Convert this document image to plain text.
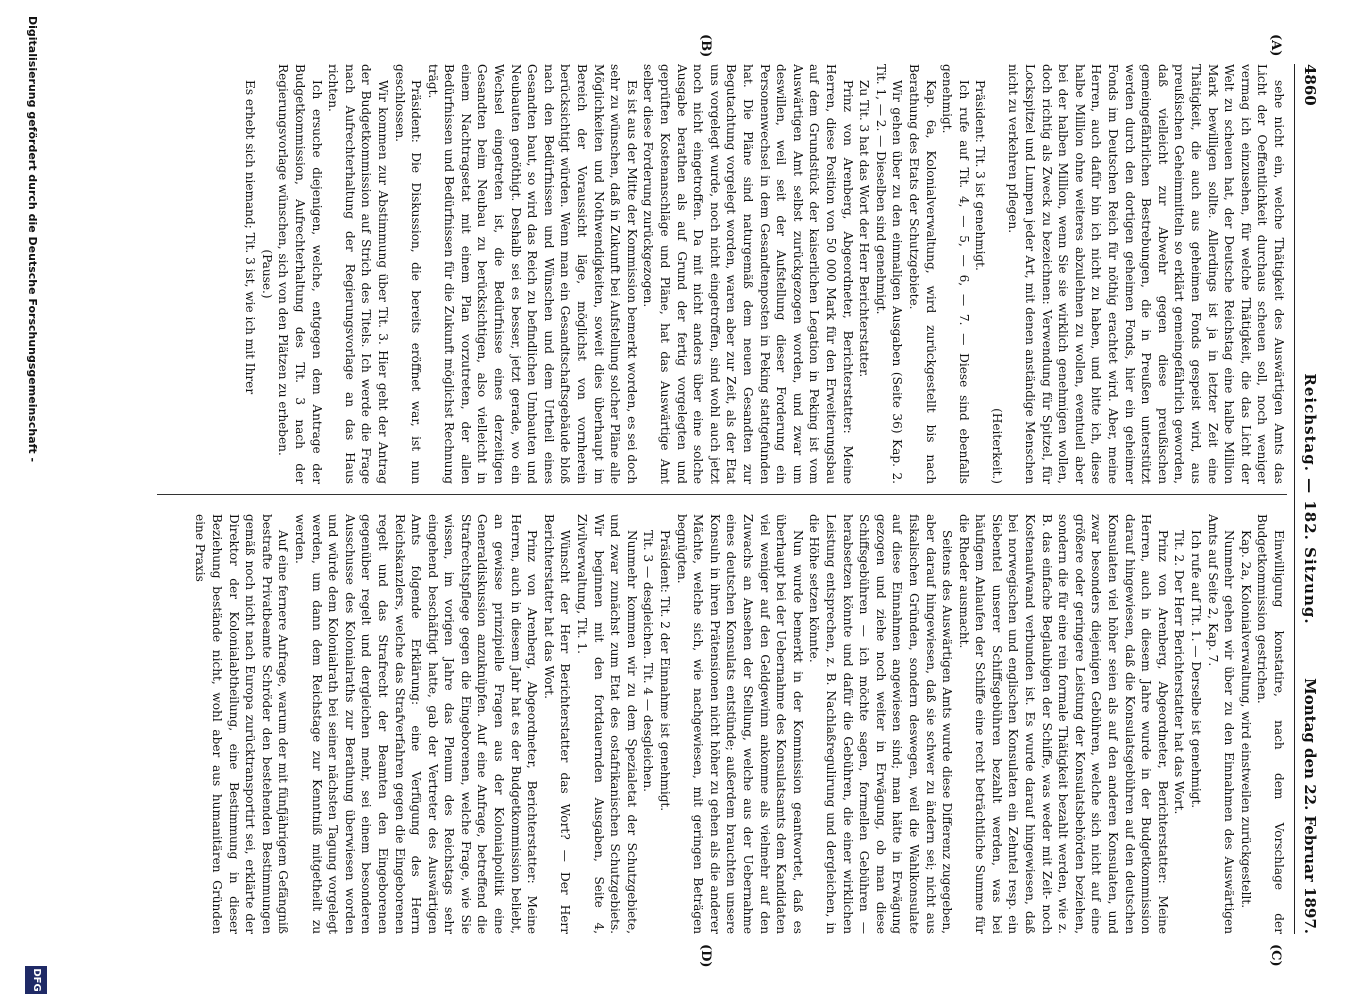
4860
Reichstag. — 182. Sitzung.
Montag den 22. Februar 1897.
(A)
(B)
(C)
(D)

sehe nicht ein, welche Thätigkeit des Auswärtigen Amts das Licht der Oeffentlichkeit durchaus scheuen soll, noch weniger vermag ich einzusehen, für welche Thätigkeit, die das Licht der Welt zu scheuen hat, der Deutsche Reichstag eine halbe Million Mark bewilligen sollte. Allerdings ist ja in letzter Zeit eine Thätigkeit, die auch aus geheimen Fonds gespeist wird, aus preußischen Geheimmitteln so erklärt gemeingefährlich geworden, daß vielleicht zur Abwehr gegen diese preußischen gemeingefährlichen Bestrebungen, die in Preußen unterstützt werden durch den dortigen geheimen Fonds, hier ein geheimer Fonds im Deutschen Reich für nöthig erachtet wird. Aber, meine Herren, auch dafür bin ich nicht zu haben, und bitte ich, diese halbe Million ohne weiteres abzulehnen zu wollen, eventuell aber bei der halben Million, wenn Sie sie wirklich genehmigen wollen, doch richtig als Zweck zu bezeichnen: Verwendung für Spitzel, für Lockspitzel und Lumpen jeder Art, mit denen anständige Menschen nicht zu verkehren pflegen.

(Heiterkeit.)

Präsident: Tit. 3 ist genehmigt.

Ich rufe auf Tit. 4, — 5, — 6, — 7. — Diese sind ebenfalls genehmigt.

Kap. 6a, Kolonialverwaltung, wird zurückgestellt bis nach Berathung des Etats der Schutzgebiete.

Wir gehen über zu den einmaligen Ausgaben (Seite 36) Kap. 2. Tit. 1, — 2. — Dieselben sind genehmigt.

Zu Tit. 3 hat das Wort der Herr Berichterstatter.

Prinz von Arenberg, Abgeordneter, Berichterstatter: Meine Herren, diese Position von 50 000 Mark für den Erweiterungsbau auf dem Grundstück der kaiserlichen Legation in Peking ist vom Auswärtigen Amt selbst zurückgezogen worden, und zwar um deswillen, weil seit der Aufstellung dieser Forderung ein Personenwechsel in dem Gesandtenposten in Peking stattgefunden hat. Die Pläne sind naturgemäß dem neuen Gesandten zur Begutachtung vorgelegt worden, waren aber zur Zeit, als der Etat uns vorgelegt wurde, noch nicht eingetroffen, sind wohl auch jetzt noch nicht eingetroffen. Da mit nicht anders über eine solche Ausgabe berathen als auf Grund der fertig vorgelegten und geprüften Kostenanschläge und Pläne, hat das Auswärtige Amt selber diese Forderung zurückgezogen.

Es ist aus der Mitte der Kommission bemerkt worden, es sei doch sehr zu wünschen, daß in Zukunft bei Aufstellung solcher Pläne alle Möglichkeiten und Nothwendigkeiten, soweit dies überhaupt im Bereich der Voraussicht läge, möglichst von vornherein berücksichtigt würden. Wenn man ein Gesandtschaftsgebäude bloß nach den Bedürfnissen und Wünschen und dem Urtheil eines Gesandten baut, so wird das Reich zu befindlichen Umbauten und Neubauten genöthigt. Deshalb sei es besser, jetzt gerade, wo ein Wechsel eingetreten ist, die Bedürfnisse eines derzeitigen Gesandten beim Neubau zu berücksichtigen, also vielleicht in einem Nachtragsetat mit einem Plan vorzutreten, der allen Bedürfnissen und Bedürfnissen für die Zukunft möglichst Rechnung trägt.

Präsident: Die Diskussion, die bereits eröffnet war, ist nun geschlossen.

Wir kommen zur Abstimmung über Tit. 3. Hier geht der Antrag der Budgetkommission auf Strich des Titels. Ich werde die Frage nach Aufrechterhaltung der Regierungsvorlage an das Haus richten.

Ich ersuche diejenigen, welche, entgegen dem Antrage der Budgetkommission, Aufrechterhaltung des Tit. 3 nach der Regierungsvorlage wünschen, sich von den Plätzen zu erheben.

(Pause.)

Es erhebt sich niemand; Tit. 3 ist, wie ich mit Ihrer

Einwilligung konstatire, nach dem Vorschlage der Budgetkommission gestrichen.

Kap. 2a, Kolonialverwaltung, wird einstweilen zurückgestellt.

Nunmehr gehen wir über zu den Einnahmen des Auswärtigen Amts auf Seite 2, Kap. 7.

Ich rufe auf Tit. 1. — Derselbe ist genehmigt.

Tit. 2. Der Herr Berichterstatter hat das Wort.

Prinz von Arenberg, Abgeordneter, Berichterstatter: Meine Herren, auch in diesem Jahre wurde in der Budgetkommission darauf hingewiesen, daß die Konsulatsgebühren auf den deutschen Konsulaten viel höher seien als auf den anderen Konsulaten, und zwar besonders diejenigen Gebühren, welche sich nicht auf eine größere oder geringere Leistung der Konsulatsbehörden beziehen, sondern die für eine rein formale Thätigkeit bezahlt werden, wie z. B. das einfache Beglaubigen der Schiffe, was weder mit Zeit- noch Kostenaufwand verbunden ist. Es wurde darauf hingewiesen, daß bei norwegischen und englischen Konsulaten ein Zehntel resp. ein Siebentel unserer Schiffsgebühren bezahlt werden, was bei häufigem Anlaufen der Schiffe eine recht beträchtliche Summe für die Rheder ausmacht.

Seitens des Auswärtigen Amts wurde diese Differenz zugegeben, aber darauf hingewiesen, daß sie schwer zu ändern sei; nicht aus fiskalischen Gründen, sondern deswegen, weil die Wahlkonsulate auf diese Einnahmen angewiesen sind; man hätte in Erwägung gezogen und ziehe noch weiter in Erwägung, ob man diese Schiffsgebühren — ich möchte sagen, formellen Gebühren — herabsetzen könnte und dafür die Gebühren, die einer wirklichen Leistung entsprechen, z. B. Nachlaßregulirung und dergleichen, in die Höhe setzen könnte.

Nun wurde bemerkt in der Kommission geantwortet, daß es überhaupt bei der Uebernahme des Konsulatsamts dem Kandidaten viel weniger auf den Geldgewinn ankomme als vielmehr auf den Zuwachs an Ansehen der Stellung, welche aus der Uebernahme eines deutschen Konsulats entstünde; außerdem brauchten unsere Konsuln in ihren Prätensionen nicht höher zu gehen als die anderer Mächte, welche sich, wie nachgewiesen, mit geringen Beträgen begnügten.

Präsident: Tit. 2 der Einnahme ist genehmigt.

Tit. 3 — desgleichen. Tit. 4 — desgleichen.

Nunmehr kommen wir zu dem Spezialetat der Schutzgebiete, und zwar zunächst zum Etat des ostafrikanischen Schutzgebiets. Wir beginnen mit den fortdauernden Ausgaben, Seite 4, Zivilverwaltung, Tit. 1.

Wünscht der Herr Berichterstatter das Wort? — Der Herr Berichterstatter hat das Wort.

Prinz von Arenberg, Abgeordneter, Berichterstatter: Meine Herren, auch in diesem Jahr hat es der Budgetkommission beliebt, an gewisse prinzipielle Fragen aus der Kolonialpolitik eine Generaldiskussion anzuknüpfen. Auf eine Anfrage, betreffend die Strafrechtspflege gegen die Eingeborenen, welche Frage, wie Sie wissen, im vorigen Jahre das Plenum des Reichstags sehr eingehend beschäftigt hatte, gab der Vertreter des Auswärtigen Amts folgende Erklärung: eine Verfügung des Herrn Reichskanzlers, welche das Strafverfahren gegen die Eingeborenen regelt und das Strafrecht der Beamten den Eingeborenen gegenüber regelt und dergleichen mehr, sei einem besonderen Ausschusse des Kolonialraths zur Berathung überwiesen worden und würde dem Kolonialrath bei seiner nächsten Tagung vorgelegt werden, um dann dem Reichstage zur Kenntniß mitgetheilt zu werden.

Auf eine fernere Anfrage, warum der mit fünfjährigem Gefängniß bestrafte Privatbeamte Schröder den bestehenden Bestimmungen gemäß noch nicht nach Europa zurücktransportirt sei, erklärte der Direktor der Kolonialabtheilung, eine Bestimmung in dieser Beziehung bestände nicht, wohl aber aus humanitären Gründen eine Praxis

Digitalisierung gefördert durch die Deutsche Forschungsgemeinschaft -
DFG
